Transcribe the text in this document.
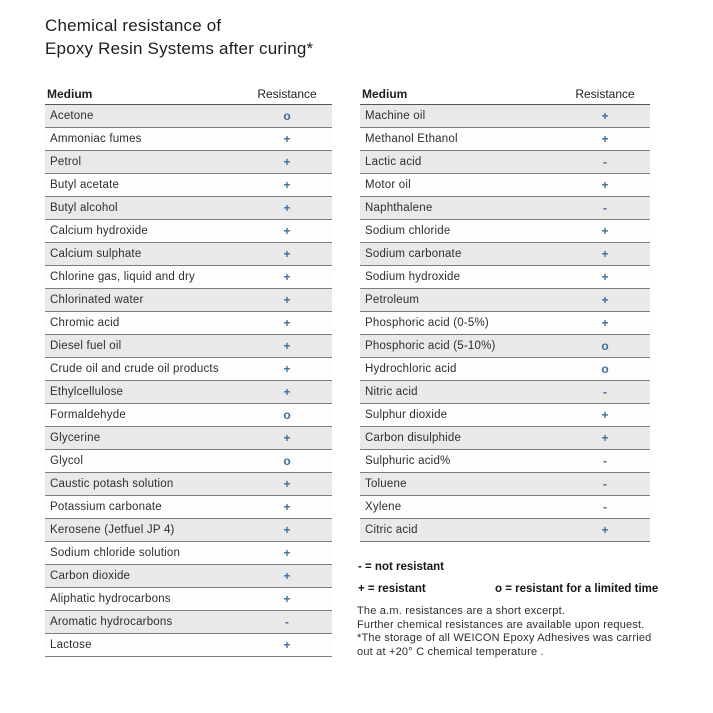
Chemical resistance of
Epoxy Resin Systems after curing*
Medium	Resistance
Acetone	o
Ammoniac fumes	+
Petrol	+
Butyl acetate	+
Butyl alcohol	+
Calcium hydroxide	+
Calcium sulphate	+
Chlorine gas, liquid and dry	+
Chlorinated water	+
Chromic acid	+
Diesel fuel oil	+
Crude oil and crude oil products	+
Ethylcellulose	+
Formaldehyde	o
Glycerine	+
Glycol	o
Caustic potash solution	+
Potassium carbonate	+
Kerosene (Jetfuel JP 4)	+
Sodium chloride solution	+
Carbon dioxide	+
Aliphatic hydrocarbons	+
Aromatic hydrocarbons	-
Lactose	+
Medium	Resistance
Machine oil	+
Methanol Ethanol	+
Lactic acid	-
Motor oil	+
Naphthalene	-
Sodium chloride	+
Sodium carbonate	+
Sodium hydroxide	+
Petroleum	+
Phosphoric acid (0-5%)	+
Phosphoric acid (5-10%)	o
Hydrochloric acid	o
Nitric acid	-
Sulphur dioxide	+
Carbon disulphide	+
Sulphuric acid%	-
Toluene	-
Xylene	-
Citric acid	+
- = not resistant
+ = resistant	o = resistant for a limited time
The a.m. resistances are a short excerpt.
Further chemical resistances are available upon request.
*The storage of all WEICON Epoxy Adhesives was carried
out at +20° C chemical temperature .
